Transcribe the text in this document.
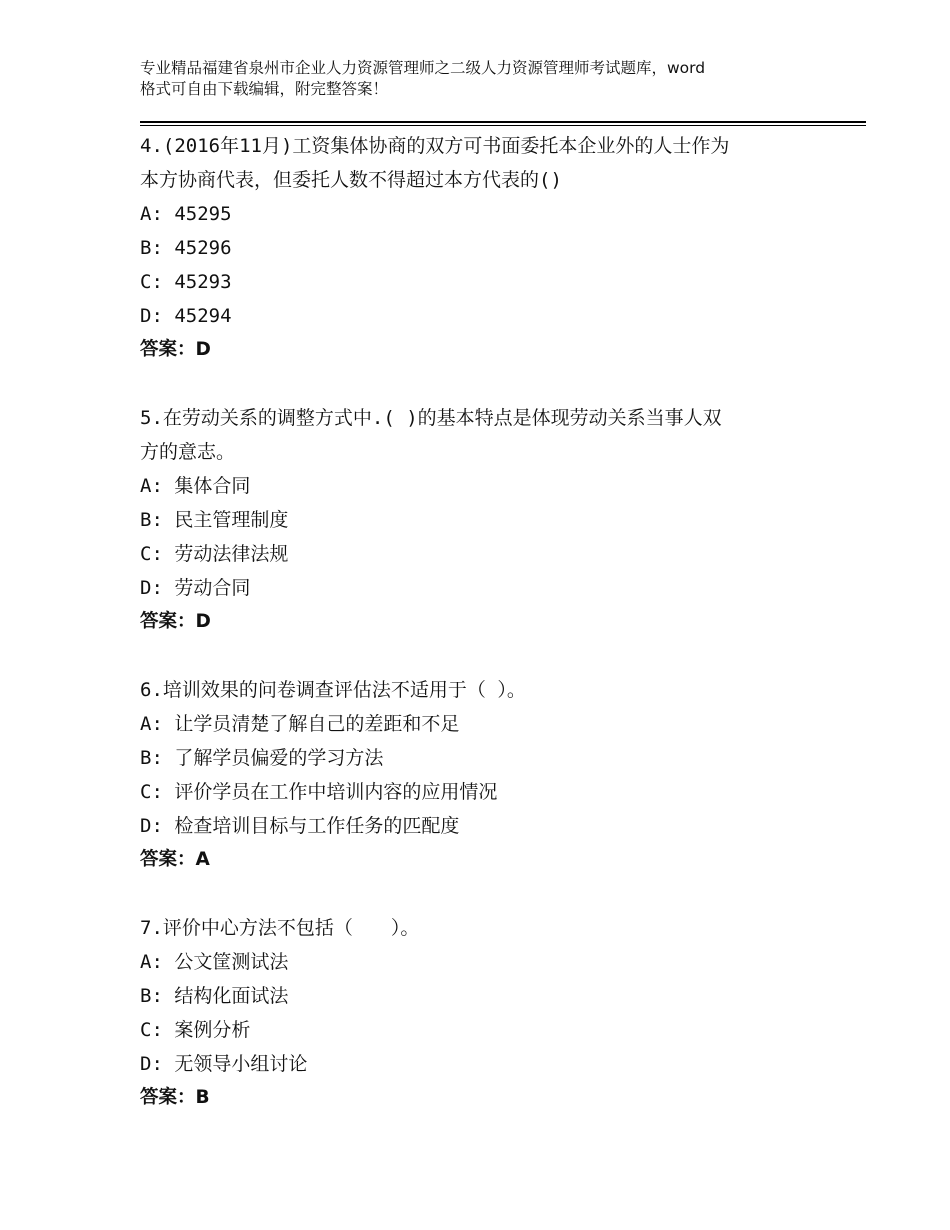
专业精品福建省泉州市企业人力资源管理师之二级人力资源管理师考试题库，word
格式可自由下载编辑，附完整答案！
4.(2016年11月)工资集体协商的双方可书面委托本企业外的人士作为
本方协商代表，但委托人数不得超过本方代表的()
A: 45295
B: 45296
C: 45293
D: 45294
答案：D
5.在劳动关系的调整方式中.( )的基本特点是体现劳动关系当事人双
方的意志。
A: 集体合同
B: 民主管理制度
C: 劳动法律法规
D: 劳动合同
答案：D
6.培训效果的问卷调查评估法不适用于（ ）。
A: 让学员清楚了解自己的差距和不足
B: 了解学员偏爱的学习方法
C: 评价学员在工作中培训内容的应用情况
D: 检查培训目标与工作任务的匹配度
答案：A
7.评价中心方法不包括（　　）。
A: 公文筐测试法
B: 结构化面试法
C: 案例分析
D: 无领导小组讨论
答案：B
